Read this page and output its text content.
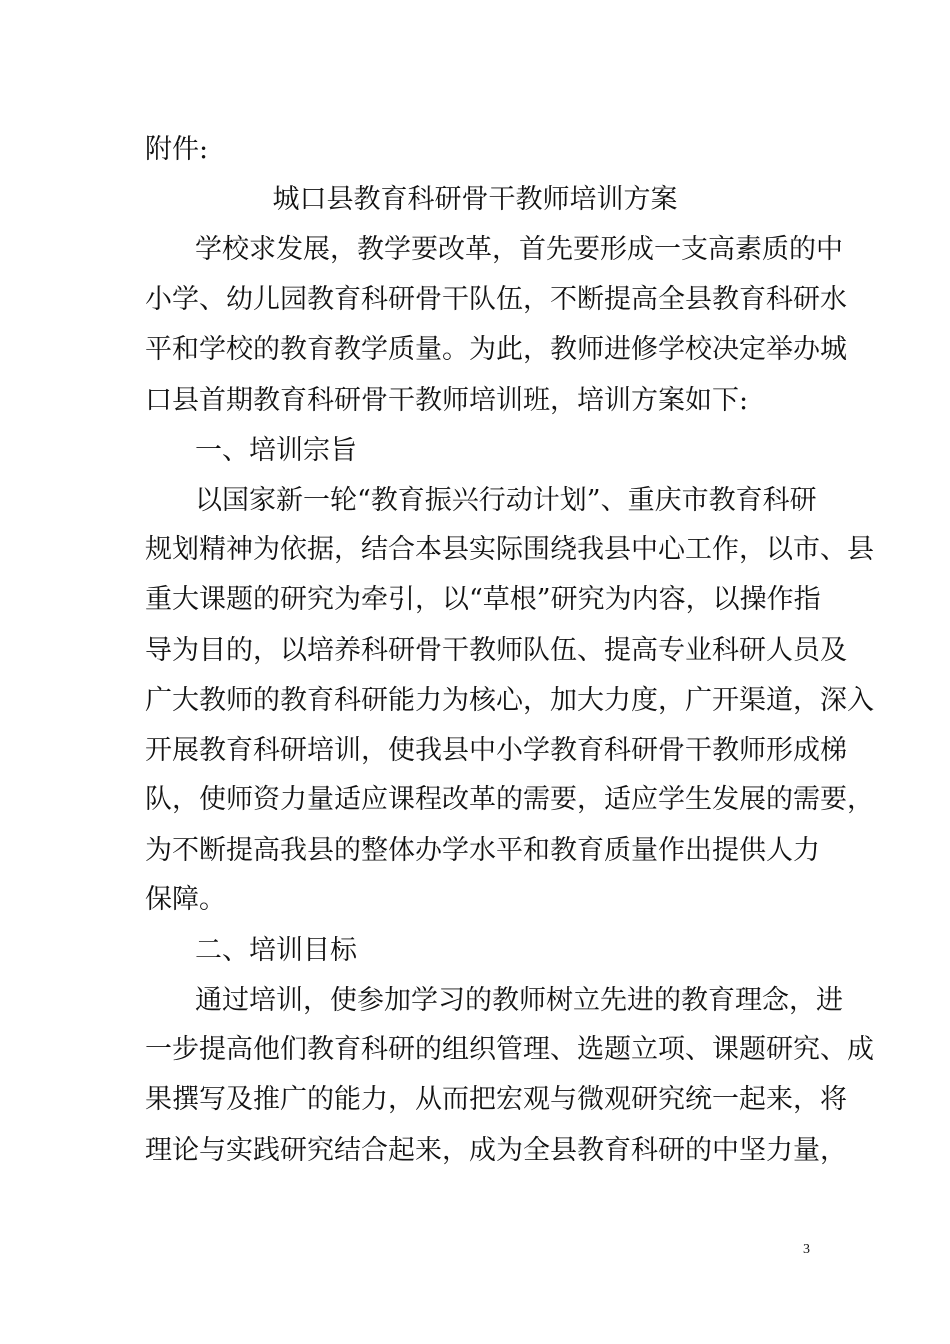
附件:
城口县教育科研骨干教师培训方案
学校求发展，教学要改革，首先要形成一支高素质的中
小学、幼儿园教育科研骨干队伍，不断提高全县教育科研水
平和学校的教育教学质量。为此，教师进修学校决定举办城
口县首期教育科研骨干教师培训班，培训方案如下:
一、培训宗旨
以国家新一轮“教育振兴行动计划”、重庆市教育科研
规划精神为依据，结合本县实际围绕我县中心工作，以市、县
重大课题的研究为牵引，以“草根”研究为内容，以操作指
导为目的，以培养科研骨干教师队伍、提高专业科研人员及
广大教师的教育科研能力为核心，加大力度，广开渠道，深入
开展教育科研培训，使我县中小学教育科研骨干教师形成梯
队，使师资力量适应课程改革的需要，适应学生发展的需要，
为不断提高我县的整体办学水平和教育质量作出提供人力
保障。
二、培训目标
通过培训，使参加学习的教师树立先进的教育理念，进
一步提高他们教育科研的组织管理、选题立项、课题研究、成
果撰写及推广的能力，从而把宏观与微观研究统一起来，将
理论与实践研究结合起来，成为全县教育科研的中坚力量，
3
